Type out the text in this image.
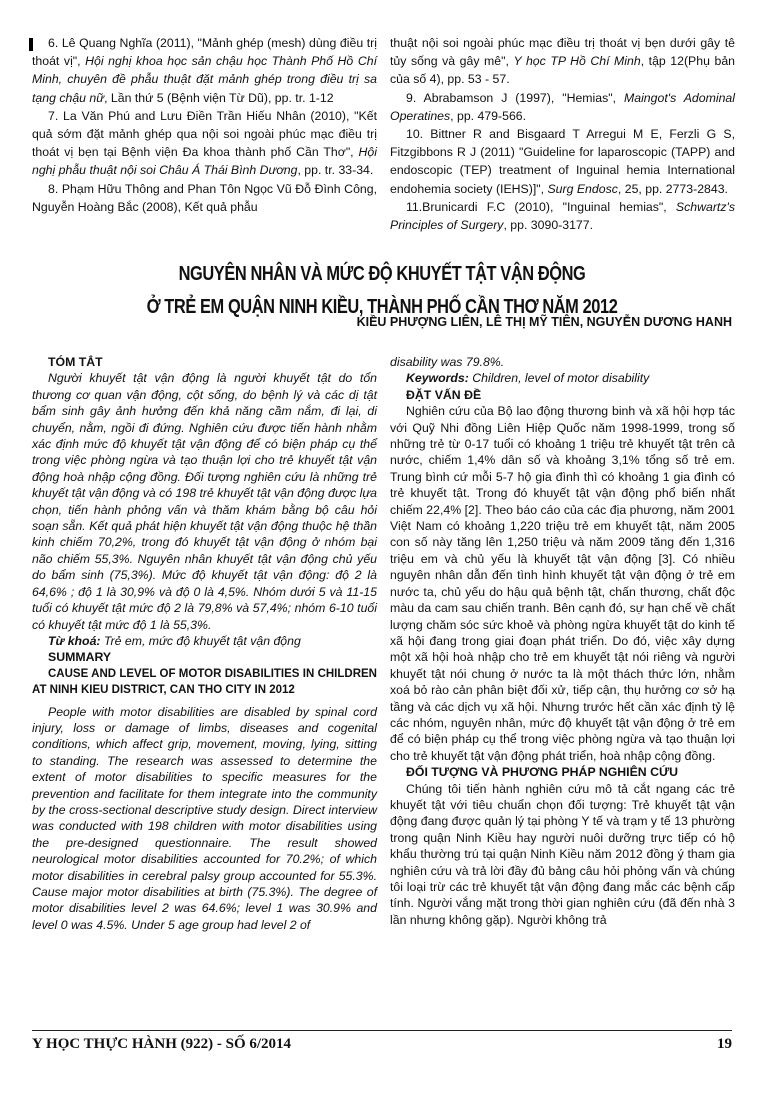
6. Lê Quang Nghĩa (2011), "Mảnh ghép (mesh) dùng điều trị thoát vị", Hội nghị khoa học sản chậu học Thành Phố Hồ Chí Minh, chuyên đề phẫu thuật đặt mảnh ghép trong điều trị sa tạng chậu nữ, Lần thứ 5 (Bệnh viện Từ Dũ), pp. tr. 1-12

7. La Văn Phú and Lưu Điền Trần Hiếu Nhân (2010), "Kết quả sớm đặt mảnh ghép qua nội soi ngoài phúc mạc điều trị thoát vị bẹn tại Bệnh viện Đa khoa thành phố Cần Thơ", Hội nghị phẫu thuật nội soi Châu Á Thái Bình Dương, pp. tr. 33-34.

8. Phạm Hữu Thông and Phan Tôn Ngọc Vũ Đỗ Đình Công, Nguyễn Hoàng Bắc (2008), Kết quả phẫu

thuật nội soi ngoài phúc mạc điều trị thoát vị bẹn dưới gây tê tủy sống và gây mê", Y học TP Hồ Chí Minh, tập 12(Phụ bản của số 4), pp. 53 - 57.

9. Abrabamson J (1997), "Hemias", Maingot's Adominal Operatines, pp. 479-566.

10. Bittner R and Bisgaard T Arregui M E, Ferzli G S, Fitzgibbons R J (2011) "Guideline for laparoscopic (TAPP) and endoscopic (TEP) treatment of Inguinal hemia International endohemia society (IEHS)]", Surg Endosc, 25, pp. 2773-2843.

11.Brunicardi F.C (2010), "Inguinal hemias", Schwartz's Principles of Surgery, pp. 3090-3177.

NGUYÊN NHÂN VÀ MỨC ĐỘ KHUYẾT TẬT VẬN ĐỘNG
Ở TRẺ EM QUẬN NINH KIỀU, THÀNH PHỐ CẦN THƠ NĂM 2012
KIỀU PHƯỢNG LIÊN, LÊ THỊ MỸ TIÊN, NGUYỄN DƯƠNG HANH

TÓM TẮT

Người khuyết tật vận động là người khuyết tật do tổn thương cơ quan vận động, cột sống, do bệnh lý và các dị tật bẩm sinh gây ảnh hưởng đến khả năng cầm nắm, đi lại, di chuyển, nằm, ngồi đi đứng. Nghiên cứu được tiến hành nhằm xác định mức độ khuyết tật vận động để có biện pháp cụ thể trong việc phòng ngừa và tạo thuận lợi cho trẻ khuyết tật vận động hoà nhập cộng đồng. Đối tượng nghiên cứu là những trẻ khuyết tật vận động và có 198 trẻ khuyết tật vận động được lựa chọn, tiến hành phỏng vấn và thăm khám bằng bộ câu hỏi soạn sẵn. Kết quả phát hiện khuyết tật vận động thuộc hệ thần kinh chiếm 70,2%, trong đó khuyết tật vận động ở nhóm bại não chiếm 55,3%. Nguyên nhân khuyết tật vận động chủ yếu do bẩm sinh (75,3%). Mức độ khuyết tật vận động: độ 2 là 64,6% ; độ 1 là 30,9% và độ 0 là 4,5%. Nhóm dưới 5 và 11-15 tuổi có khuyết tật mức độ 2 là 79,8% và 57,4%; nhóm 6-10 tuổi có khuyết tật mức độ 1 là 55,3%.

Từ khoá: Trẻ em, mức độ khuyết tật vận động

SUMMARY

CAUSE AND LEVEL OF MOTOR DISABILITIES IN CHILDREN AT NINH KIEU DISTRICT, CAN THO CITY IN 2012

People with motor disabilities are disabled by spinal cord injury, loss or damage of limbs, diseases and cogenital conditions, which affect grip, movement, moving, lying, sitting to standing. The research was assessed to determine the extent of motor disabilities to specific measures for the prevention and facilitate for them integrate into the community by the cross-sectional descriptive study design. Direct interview was conducted with 198 children with motor disabilities using the pre-designed questionnaire. The result showed neurological motor disabilities accounted for 70.2%; of which motor disabilities in cerebral palsy group accounted for 55.3%. Cause major motor disabilities at birth (75.3%). The degree of motor disabilities level 2 was 64.6%; level 1 was 30.9% and level 0 was 4.5%. Under 5 age group had level 2 of

disability was 79.8%.

Keywords: Children, level of motor disability

ĐẶT VẤN ĐỀ

Nghiên cứu của Bộ lao động thương binh và xã hội hợp tác với Quỹ Nhi đồng Liên Hiệp Quốc năm 1998-1999, trong số những trẻ từ 0-17 tuổi có khoảng 1 triệu trẻ khuyết tật trên cả nước, chiếm 1,4% dân số và khoảng 3,1% tổng số trẻ em. Trung bình cứ mỗi 5-7 hộ gia đình thì có khoảng 1 gia đình có trẻ khuyết tật. Trong đó khuyết tật vận động phổ biến nhất chiếm 22,4% [2]. Theo báo cáo của các địa phương, năm 2001 Việt Nam có khoảng 1,220 triệu trẻ em khuyết tật, năm 2005 con số này tăng lên 1,250 triệu và năm 2009 tăng đến 1,316 triệu em và chủ yếu là khuyết tật vận động [3]. Có nhiều nguyên nhân dẫn đến tình hình khuyết tật vận động ở trẻ em nước ta, chủ yếu do hậu quả bệnh tật, chấn thương, chất độc màu da cam sau chiến tranh. Bên cạnh đó, sự hạn chế về chất lượng chăm sóc sức khoẻ và phòng ngừa khuyết tật do kinh tế xã hội đang trong giai đoạn phát triển. Do đó, việc xây dựng một xã hội hoà nhập cho trẻ em khuyết tật nói riêng và người khuyết tật nói chung ở nước ta là một thách thức lớn, nhằm xoá bỏ rào cản phân biệt đối xử, tiếp cận, thụ hưởng cơ sở hạ tầng và các dịch vụ xã hội. Nhưng trước hết cần xác định tỷ lệ các nhóm, nguyên nhân, mức độ khuyết tật vận động ở trẻ em để có biện pháp cụ thể trong việc phòng ngừa và tạo thuận lợi cho trẻ khuyết tật vận động phát triển, hoà nhập cộng đồng.

ĐỐI TƯỢNG VÀ PHƯƠNG PHÁP NGHIÊN CỨU

Chúng tôi tiến hành nghiên cứu mô tả cắt ngang các trẻ khuyết tật với tiêu chuẩn chọn đối tượng: Trẻ khuyết tật vận động đang được quản lý tại phòng Y tế và trạm y tế 13 phường trong quận Ninh Kiều hay người nuôi dưỡng trực tiếp có hộ khẩu thường trú tại quận Ninh Kiều năm 2012 đồng ý tham gia nghiên cứu và trả lời đầy đủ bảng câu hỏi phỏng vấn và chúng tôi loại trừ các trẻ khuyết tật vận động đang mắc các bệnh cấp tính. Người vắng mặt trong thời gian nghiên cứu (đã đến nhà 3 lần nhưng không gặp). Người không trả

Y HỌC THỰC HÀNH (922) - SỐ 6/2014	19
